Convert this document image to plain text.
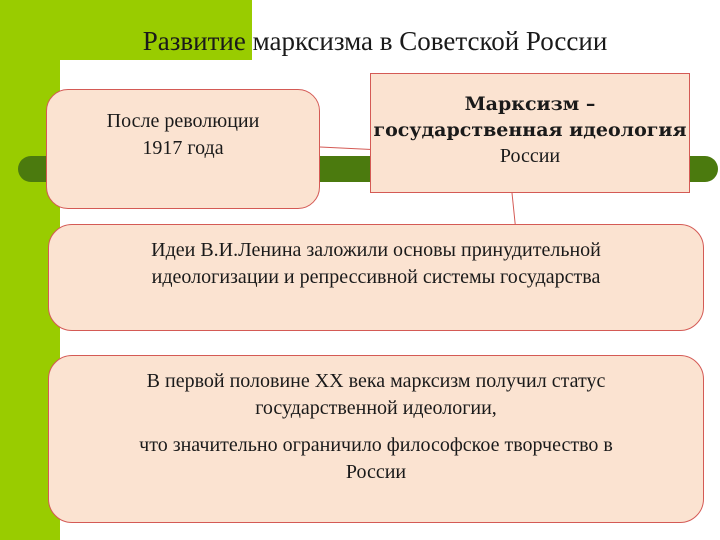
Развитие марксизма в Советской России
После революции
1917 года
Марксизм –
государственная идеология
России
Идеи В.И.Ленина заложили основы принудительной
идеологизации и репрессивной системы государства
В первой половине XX века марксизм получил статус
государственной идеологии,
что значительно ограничило философское творчество в
России
